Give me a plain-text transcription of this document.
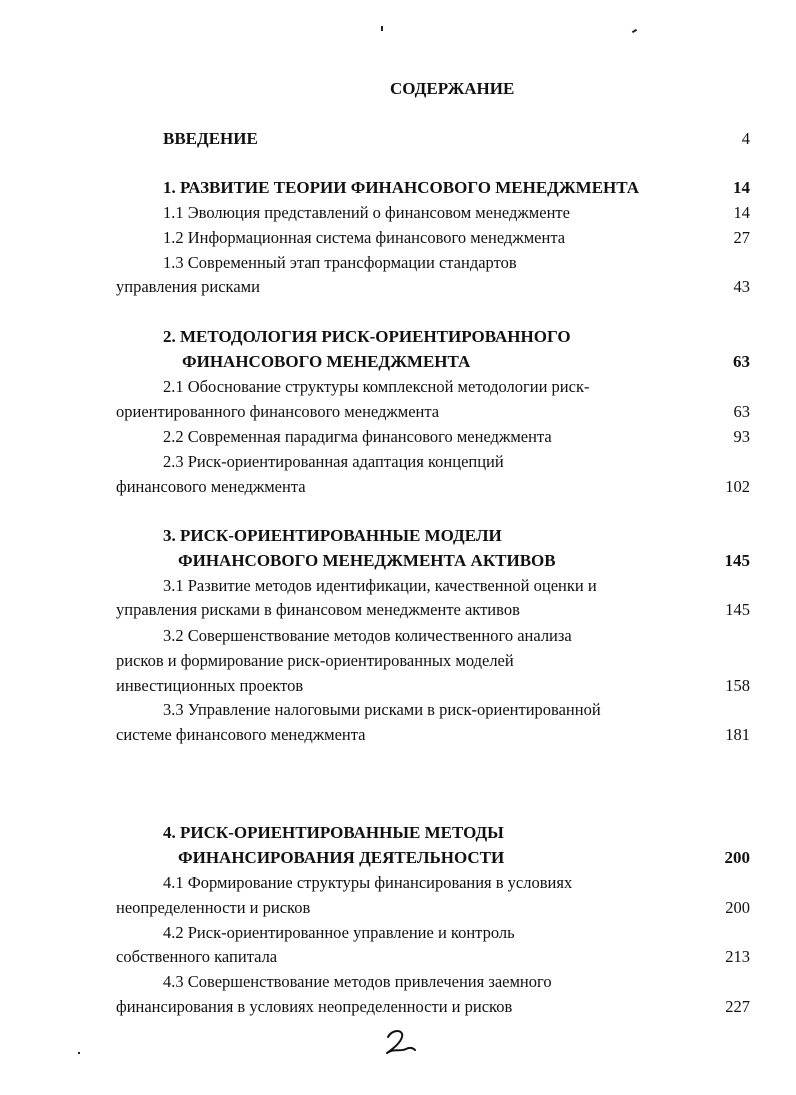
СОДЕРЖАНИЕ
ВВЕДЕНИЕ	4
1. РАЗВИТИЕ ТЕОРИИ ФИНАНСОВОГО МЕНЕДЖМЕНТА	14
1.1 Эволюция представлений о финансовом менеджменте	14
1.2 Информационная система финансового менеджмента	27
1.3 Современный этап трансформации стандартов
управления рисками	43
2. МЕТОДОЛОГИЯ РИСК-ОРИЕНТИРОВАННОГО
ФИНАНСОВОГО МЕНЕДЖМЕНТА	63
2.1 Обоснование структуры комплексной методологии риск-
ориентированного финансового менеджмента	63
2.2 Современная парадигма финансового менеджмента	93
2.3 Риск-ориентированная адаптация концепций
финансового менеджмента	102
3. РИСК-ОРИЕНТИРОВАННЫЕ МОДЕЛИ
ФИНАНСОВОГО МЕНЕДЖМЕНТА АКТИВОВ	145
3.1 Развитие методов идентификации, качественной оценки и
управления рисками в финансовом менеджменте активов	145
3.2 Совершенствование методов количественного анализа
рисков и формирование риск-ориентированных моделей
инвестиционных проектов	158
3.3 Управление налоговыми рисками в риск-ориентированной
системе финансового менеджмента	181
4. РИСК-ОРИЕНТИРОВАННЫЕ МЕТОДЫ
ФИНАНСИРОВАНИЯ ДЕЯТЕЛЬНОСТИ	200
4.1 Формирование структуры финансирования в условиях
неопределенности и рисков	200
4.2 Риск-ориентированное управление и контроль
собственного капитала	213
4.3 Совершенствование методов привлечения заемного
финансирования в условиях неопределенности и рисков	227
